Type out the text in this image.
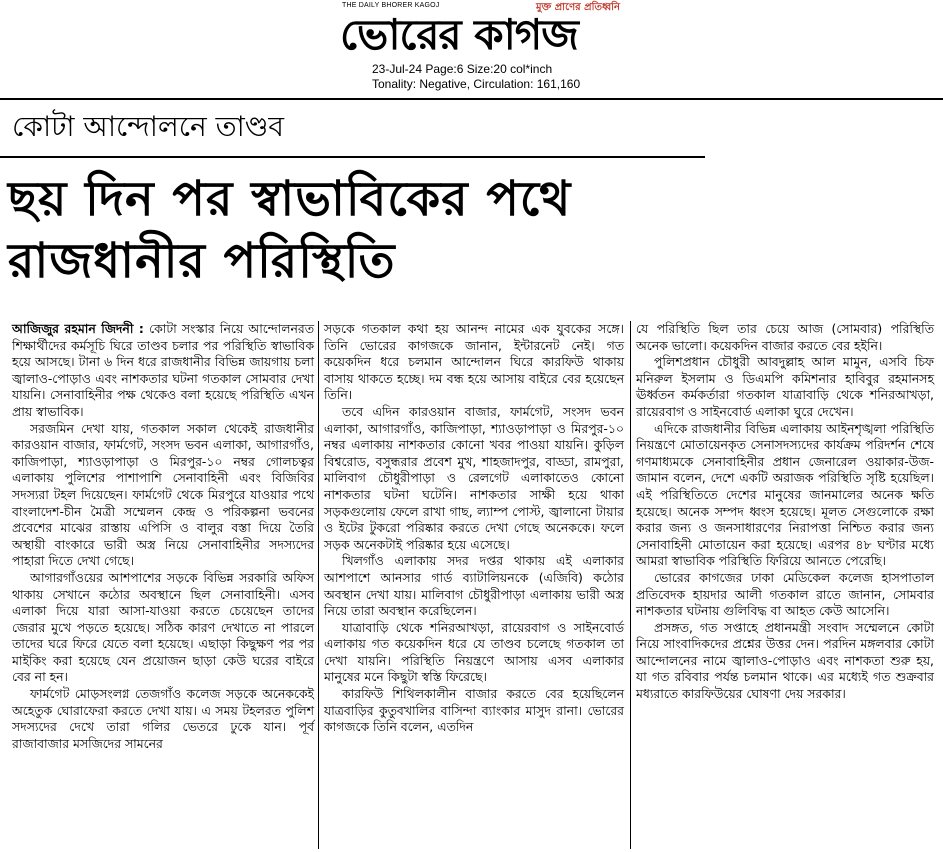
THE DAILY BHORER KAGOJ	মুক্ত প্রাণের প্রতিধ্বনি
ভোরের কাগজ
23-Jul-24 Page:6 Size:20 col*inch
Tonality: Negative, Circulation: 161,160
কোটা আন্দোলনে তাণ্ডব
ছয় দিন পর স্বাভাবিকের পথে
রাজধানীর পরিস্থিতি

আজিজুর রহমান জিদনী : কোটা সংস্কার নিয়ে আন্দোলনরত শিক্ষার্থীদের কর্মসূচি ঘিরে তাণ্ডব চলার পর পরিস্থিতি স্বাভাবিক হয়ে আসছে। টানা ৬ দিন ধরে রাজধানীর বিভিন্ন জায়গায় চলা জ্বালাও-পোড়াও এবং নাশকতার ঘটনা গতকাল সোমবার দেখা যায়নি। সেনাবাহিনীর পক্ষ থেকেও বলা হয়েছে পরিস্থিতি এখন প্রায় স্বাভাবিক।

সরজমিন দেখা যায়, গতকাল সকাল থেকেই রাজধানীর কারওয়ান বাজার, ফার্মগেট, সংসদ ভবন এলাকা, আগারগাঁও, কাজিপাড়া, শ্যাওড়াপাড়া ও মিরপুর-১০ নম্বর গোলচত্বর এলাকায় পুলিশের পাশাপাশি সেনাবাহিনী এবং বিজিবির সদস্যরা টহল দিয়েছেন। ফার্মগেট থেকে মিরপুরে যাওয়ার পথে বাংলাদেশ-চীন মৈত্রী সম্মেলন কেন্দ্র ও পরিকল্পনা ভবনের প্রবেশের মাঝের রাস্তায় এপিসি ও বালুর বস্তা দিয়ে তৈরি অস্থায়ী বাংকারে ভারী অস্ত্র নিয়ে সেনাবাহিনীর সদস্যদের পাহারা দিতে দেখা গেছে।

আগারগাঁওয়ের আশপাশের সড়কে বিভিন্ন সরকারি অফিস থাকায় সেখানে কঠোর অবস্থানে ছিল সেনাবাহিনী। এসব এলাকা দিয়ে যারা আসা-যাওয়া করতে চেয়েছেন তাদের জেরার মুখে পড়তে হয়েছে। সঠিক কারণ দেখাতে না পারলে তাদের ঘরে ফিরে যেতে বলা হয়েছে। এছাড়া কিছুক্ষণ পর পর মাইকিং করা হয়েছে যেন প্রয়োজন ছাড়া কেউ ঘরের বাইরে বের না হন।

ফার্মগেট মোড়সংলগ্ন তেজগাঁও কলেজ সড়কে অনেককেই অহেতুক ঘোরাফেরা করতে দেখা যায়। এ সময় টহলরত পুলিশ সদস্যদের দেখে তারা গলির ভেতরে ঢুকে যান। পূর্ব রাজাবাজার মসজিদের সামনের

সড়কে গতকাল কথা হয় আনন্দ নামের এক যুবকের সঙ্গে। তিনি ভোরের কাগজকে জানান, ইন্টারনেট নেই। গত কয়েকদিন ধরে চলমান আন্দোলন ঘিরে কারফিউ থাকায় বাসায় থাকতে হচ্ছে। দম বন্ধ হয়ে আসায় বাইরে বের হয়েছেন তিনি।

তবে এদিন কারওয়ান বাজার, ফার্মগেট, সংসদ ভবন এলাকা, আগারগাঁও, কাজিপাড়া, শ্যাওড়াপাড়া ও মিরপুর-১০ নম্বর এলাকায় নাশকতার কোনো খবর পাওয়া যায়নি। কুড়িল বিশ্বরোড, বসুন্ধরার প্রবেশ মুখ, শাহজাদপুর, বাড্ডা, রামপুরা, মালিবাগ চৌধুরীপাড়া ও রেলগেট এলাকাতেও কোনো নাশকতার ঘটনা ঘটেনি। নাশকতার সাক্ষী হয়ে থাকা সড়কগুলোয় ফেলে রাখা গাছ, ল্যাম্প পোস্ট, জ্বালানো টায়ার ও ইটের টুকরো পরিষ্কার করতে দেখা গেছে অনেককে। ফলে সড়ক অনেকটাই পরিষ্কার হয়ে এসেছে।

খিলগাঁও এলাকায় সদর দপ্তর থাকায় এই এলাকার আশপাশে আনসার গার্ড ব্যাটালিয়নকে (এজিবি) কঠোর অবস্থান দেখা যায়। মালিবাগ চৌধুরীপাড়া এলাকায় ভারী অস্ত্র নিয়ে তারা অবস্থান করেছিলেন।

যাত্রাবাড়ি থেকে শনিরআখড়া, রায়েরবাগ ও সাইনবোর্ড এলাকায় গত কয়েকদিন ধরে যে তাণ্ডব চলেছে গতকাল তা দেখা যায়নি। পরিস্থিতি নিয়ন্ত্রণে আসায় এসব এলাকার মানুষের মনে কিছুটা স্বস্তি ফিরেছে।

কারফিউ শিথিলকালীন বাজার করতে বের হয়েছিলেন যাত্রবাড়ির কুতুবখালির বাসিন্দা ব্যাংকার মাসুদ রানা। ভোরের কাগজকে তিনি বলেন, এতদিন

যে পরিস্থিতি ছিল তার চেয়ে আজ (সোমবার) পরিস্থিতি অনেক ভালো। কয়েকদিন বাজার করতে বের হইনি।

পুলিশপ্রধান চৌধুরী আবদুল্লাহ আল মামুন, এসবি চিফ মনিরুল ইসলাম ও ডিএমপি কমিশনার হাবিবুর রহমানসহ ঊর্ধ্বতন কর্মকর্তারা গতকাল যাত্রাবাড়ি থেকে শনিরআখড়া, রায়েরবাগ ও সাইনবোর্ড এলাকা ঘুরে দেখেন।

এদিকে রাজধানীর বিভিন্ন এলাকায় আইনশৃঙ্খলা পরিস্থিতি নিয়ন্ত্রণে মোতায়েনকৃত সেনাসদস্যদের কার্যক্রম পরিদর্শন শেষে গণমাধ্যমকে সেনাবাহিনীর প্রধান জেনারেল ওয়াকার-উজ-জামান বলেন, দেশে একটি অরাজক পরিস্থিতি সৃষ্টি হয়েছিল। এই পরিস্থিতিতে দেশের মানুষের জানমালের অনেক ক্ষতি হয়েছে। অনেক সম্পদ ধ্বংস হয়েছে। মূলত সেগুলোকে রক্ষা করার জন্য ও জনসাধারণের নিরাপত্তা নিশ্চিত করার জন্য সেনাবাহিনী মোতায়েন করা হয়েছে। এরপর ৪৮ ঘণ্টার মধ্যে আমরা স্বাভাবিক পরিস্থিতি ফিরিয়ে আনতে পেরেছি।

ভোরের কাগজের ঢাকা মেডিকেল কলেজ হাসপাতাল প্রতিবেদক হায়দার আলী গতকাল রাতে জানান, সোমবার নাশকতার ঘটনায় গুলিবিদ্ধ বা আহত কেউ আসেনি।

প্রসঙ্গত, গত সপ্তাহে প্রধানমন্ত্রী সংবাদ সম্মেলনে কোটা নিয়ে সাংবাদিকদের প্রশ্নের উত্তর দেন। পরদিন মঙ্গলবার কোটা আন্দোলনের নামে জ্বালাও-পোড়াও এবং নাশকতা শুরু হয়, যা গত রবিবার পর্যন্ত চলমান থাকে। এর মধ্যেই গত শুক্রবার মধ্যরাতে কারফিউয়ের ঘোষণা দেয় সরকার।
